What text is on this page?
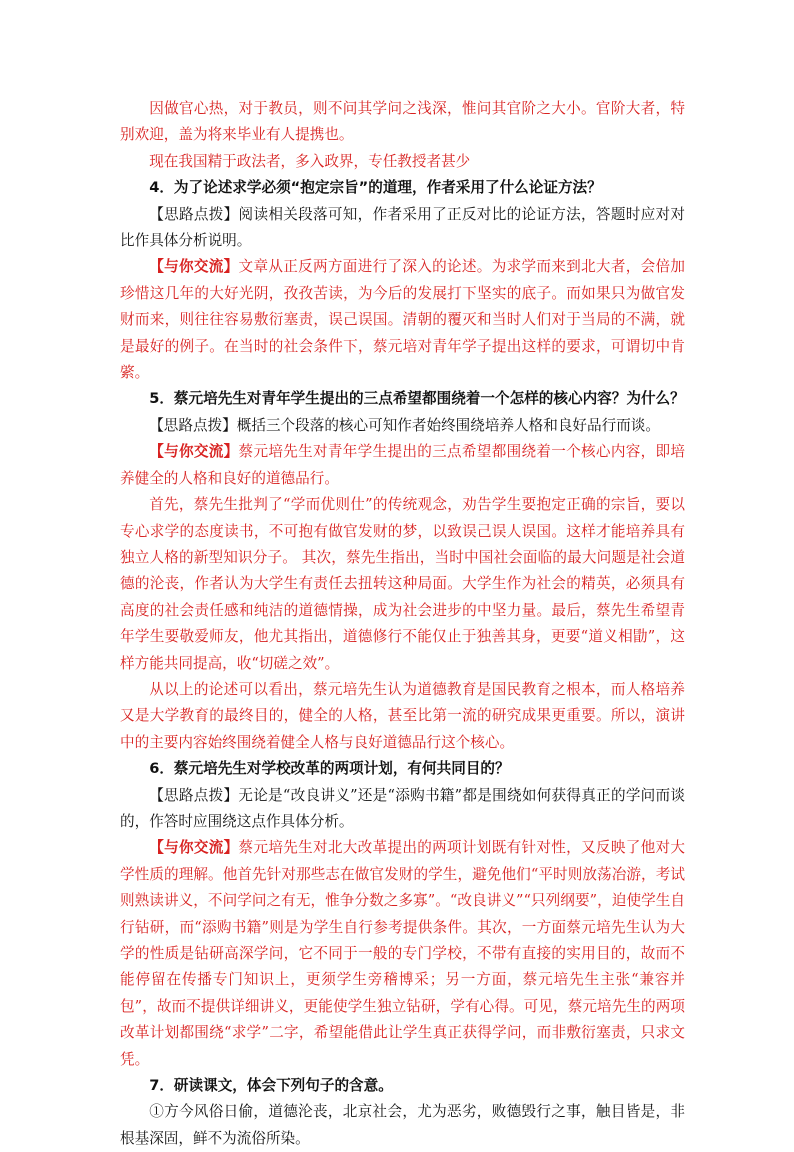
因做官心热，对于教员，则不问其学问之浅深，惟问其官阶之大小。官阶大者，特别欢迎，盖为将来毕业有人提携也。

现在我国精于政法者，多入政界，专任教授者甚少

4．为了论述求学必须“抱定宗旨”的道理，作者采用了什么论证方法？

【思路点拨】阅读相关段落可知，作者采用了正反对比的论证方法，答题时应对对比作具体分析说明。

【与你交流】文章从正反两方面进行了深入的论述。为求学而来到北大者，会倍加珍惜这几年的大好光阴，孜孜苦读，为今后的发展打下坚实的底子。而如果只为做官发财而来，则往往容易敷衍塞责，误己误国。清朝的覆灭和当时人们对于当局的不满，就是最好的例子。在当时的社会条件下，蔡元培对青年学子提出这样的要求，可谓切中肯綮。

5．蔡元培先生对青年学生提出的三点希望都围绕着一个怎样的核心内容？为什么？

【思路点拨】概括三个段落的核心可知作者始终围绕培养人格和良好品行而谈。

【与你交流】蔡元培先生对青年学生提出的三点希望都围绕着一个核心内容，即培养健全的人格和良好的道德品行。

首先，蔡先生批判了“学而优则仕”的传统观念，劝告学生要抱定正确的宗旨，要以专心求学的态度读书，不可抱有做官发财的梦，以致误己误人误国。这样才能培养具有独立人格的新型知识分子。 其次，蔡先生指出，当时中国社会面临的最大问题是社会道德的沦丧，作者认为大学生有责任去扭转这种局面。大学生作为社会的精英，必须具有高度的社会责任感和纯洁的道德情操，成为社会进步的中坚力量。最后，蔡先生希望青年学生要敬爱师友，他尤其指出，道德修行不能仅止于独善其身，更要“道义相勖”，这样方能共同提高，收“切磋之效”。

从以上的论述可以看出，蔡元培先生认为道德教育是国民教育之根本，而人格培养又是大学教育的最终目的，健全的人格，甚至比第一流的研究成果更重要。所以，演讲中的主要内容始终围绕着健全人格与良好道德品行这个核心。

6．蔡元培先生对学校改革的两项计划，有何共同目的？

【思路点拨】无论是“改良讲义”还是“添购书籍”都是围绕如何获得真正的学问而谈的，作答时应围绕这点作具体分析。

【与你交流】蔡元培先生对北大改革提出的两项计划既有针对性，又反映了他对大学性质的理解。他首先针对那些志在做官发财的学生，避免他们“平时则放荡冶游，考试则熟读讲义，不问学问之有无，惟争分数之多寡”。“改良讲义”“只列纲要”，迫使学生自行钻研，而“添购书籍”则是为学生自行参考提供条件。其次，一方面蔡元培先生认为大学的性质是钻研高深学问，它不同于一般的专门学校，不带有直接的实用目的，故而不能停留在传播专门知识上，更须学生旁稽博采；另一方面，蔡元培先生主张“兼容并包”，故而不提供详细讲义，更能使学生独立钻研，学有心得。可见，蔡元培先生的两项改革计划都围绕“求学”二字，希望能借此让学生真正获得学问，而非敷衍塞责，只求文凭。

7．研读课文，体会下列句子的含意。

①方今风俗日偷，道德沦丧，北京社会，尤为恶劣，败德毁行之事，触目皆是，非根基深固，鲜不为流俗所染。
